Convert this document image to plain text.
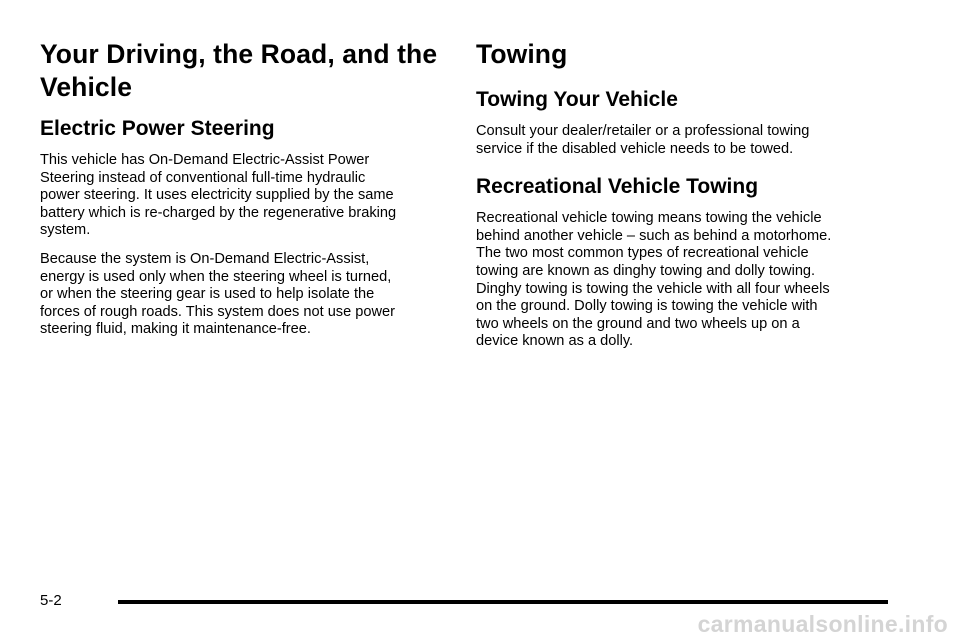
Your Driving, the Road, and the
Vehicle
Electric Power Steering
This vehicle has On-Demand Electric-Assist Power
Steering instead of conventional full-time hydraulic
power steering. It uses electricity supplied by the same
battery which is re-charged by the regenerative braking
system.
Because the system is On-Demand Electric-Assist,
energy is used only when the steering wheel is turned,
or when the steering gear is used to help isolate the
forces of rough roads. This system does not use power
steering fluid, making it maintenance-free.
Towing
Towing Your Vehicle
Consult your dealer/retailer or a professional towing
service if the disabled vehicle needs to be towed.
Recreational Vehicle Towing
Recreational vehicle towing means towing the vehicle
behind another vehicle – such as behind a motorhome.
The two most common types of recreational vehicle
towing are known as dinghy towing and dolly towing.
Dinghy towing is towing the vehicle with all four wheels
on the ground. Dolly towing is towing the vehicle with
two wheels on the ground and two wheels up on a
device known as a dolly.
5-2
carmanualsonline.info
